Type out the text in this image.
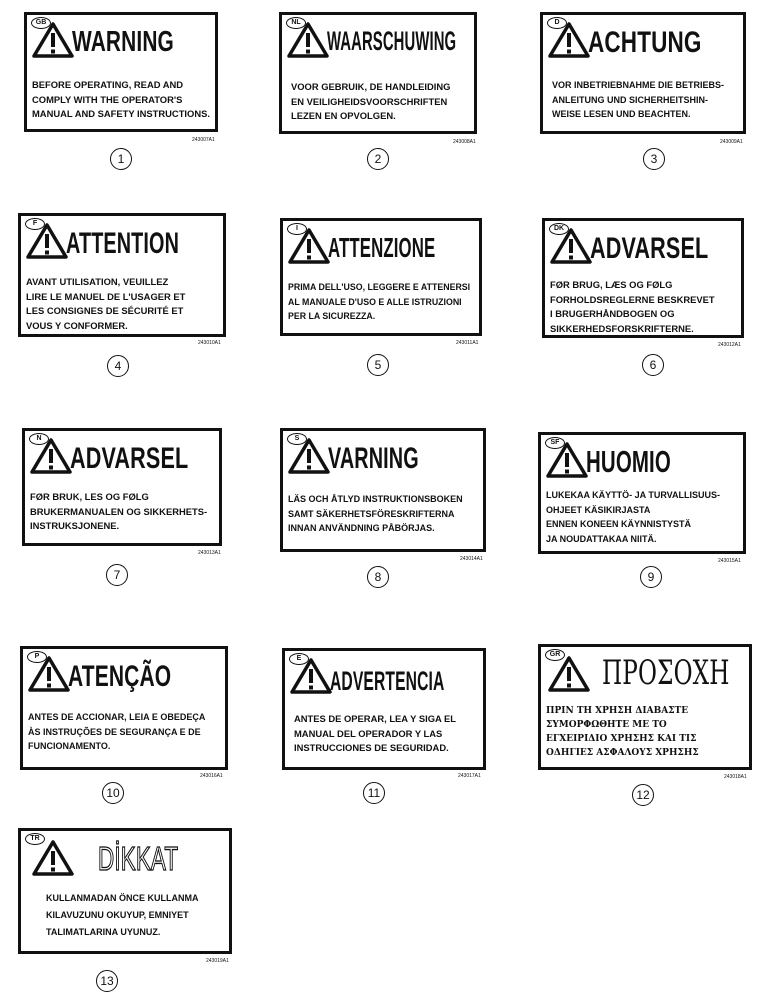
GB
WARNING
BEFORE OPERATING, READ AND
COMPLY WITH THE OPERATOR'S
MANUAL AND SAFETY INSTRUCTIONS.
243007A1
1
NL
WAARSCHUWING
VOOR GEBRUIK, DE HANDLEIDING
EN VEILIGHEIDSVOORSCHRIFTEN
LEZEN EN OPVOLGEN.
243008A1
2
D
ACHTUNG
VOR INBETRIEBNAHME DIE BETRIEBS-
ANLEITUNG UND SICHERHEITSHIN-
WEISE LESEN UND BEACHTEN.
243009A1
3
F
ATTENTION
AVANT UTILISATION, VEUILLEZ
LIRE LE MANUEL DE L'USAGER ET
LES CONSIGNES DE SÉCURITÉ ET
VOUS Y CONFORMER.
243010A1
4
I
ATTENZIONE
PRIMA DELL'USO, LEGGERE E ATTENERSI
AL MANUALE D'USO E ALLE ISTRUZIONI
PER LA SICUREZZA.
243011A1
5
DK
ADVARSEL
FØR BRUG, LÆS OG FØLG
FORHOLDSREGLERNE BESKREVET
I BRUGERHÅNDBOGEN OG
SIKKERHEDSFORSKRIFTERNE.
243012A1
6
N
ADVARSEL
FØR BRUK, LES OG FØLG
BRUKERMANUALEN OG SIKKERHETS-
INSTRUKSJONENE.
243013A1
7
S
VARNING
LÄS OCH ÅTLYD INSTRUKTIONSBOKEN
SAMT SÄKERHETSFÖRESKRIFTERNA
INNAN ANVÄNDNING PÅBÖRJAS.
243014A1
8
SF
HUOMIO
LUKEKAA KÄYTTÖ- JA TURVALLISUUS-
OHJEET KÄSIKIRJASTA
ENNEN KONEEN KÄYNNISTYSTÄ
JA NOUDATTAKAA NIITÄ.
243015A1
9
P
ATENÇÃO
ANTES DE ACCIONAR, LEIA E OBEDEÇA
ÀS INSTRUÇÕES DE SEGURANÇA E DE
FUNCIONAMENTO.
243016A1
10
E
ADVERTENCIA
ANTES DE OPERAR, LEA Y SIGA EL
MANUAL DEL OPERADOR Y LAS
INSTRUCCIONES DE SEGURIDAD.
243017A1
11
GR ΠΡΟΣΟΧΗ
ΠΡΙΝ ΤΗ ΧΡΗΣΗ ΔΙΑΒΑΣΤΕ
ΣΥΜΟΡΦΩΘΗΤΕ ΜΕ ΤΟ
ΕΓΧΕΙΡΙΔΙΟ ΧΡΗΣΗΣ ΚΑΙ ΤΙΣ
ΟΔΗΓΙΕΣ ΑΣΦΑΛΟΥΣ ΧΡΗΣΗΣ
243018A1
12
TR
DİKKAT
KULLANMADAN ÖNCE KULLANMA
KILAVUZUNU OKUYUP, EMNIYET
TALIMATLARINA UYUNUZ.
243019A1
13
